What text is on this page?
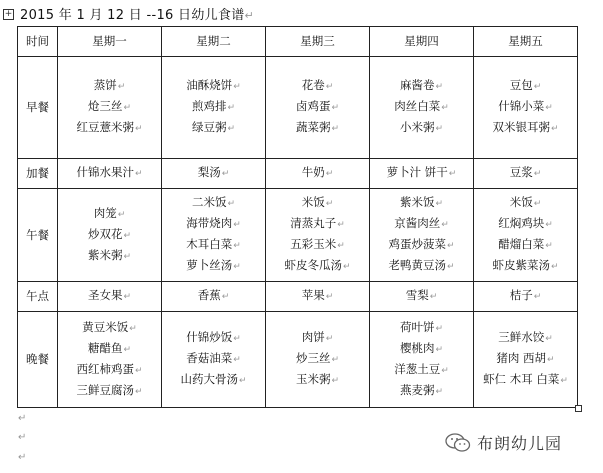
+ 2015 年 1 月 12 日 --16 日幼儿食谱↵
时间	星期一	星期二	星期三	星期四	星期五

早餐	蒸饼↵
炝三丝↵
红豆薏米粥↵	油酥烧饼↵
煎鸡排↵
绿豆粥↵	花卷↵
卤鸡蛋↵
蔬菜粥↵	麻酱卷↵
肉丝白菜↵
小米粥↵	豆包↵
什锦小菜↵
双米银耳粥↵

加餐	什锦水果汁↵	梨汤↵	牛奶↵	萝卜汁 饼干↵	豆浆↵

午餐	肉笼↵
炒双花↵
紫米粥↵	二米饭↵
海带烧肉↵
木耳白菜↵
萝卜丝汤↵	米饭↵
清蒸丸子↵
五彩玉米↵
虾皮冬瓜汤↵	紫米饭↵
京酱肉丝↵
鸡蛋炒菠菜↵
老鸭黄豆汤↵	米饭↵
红焖鸡块↵
醋熘白菜↵
虾皮紫菜汤↵

午点	圣女果↵	香蕉↵	苹果↵	雪梨↵	桔子↵

晚餐	黄豆米饭↵
糖醋鱼↵
西红柿鸡蛋↵
三鲜豆腐汤↵	什锦炒饭↵
香菇油菜↵
山药大骨汤↵	肉饼↵
炒三丝↵
玉米粥↵	荷叶饼↵
樱桃肉↵
洋葱土豆↵
燕麦粥↵	三鲜水饺↵
猪肉 西胡↵
虾仁 木耳 白菜↵
↵
↵
↵
布朗幼儿园
